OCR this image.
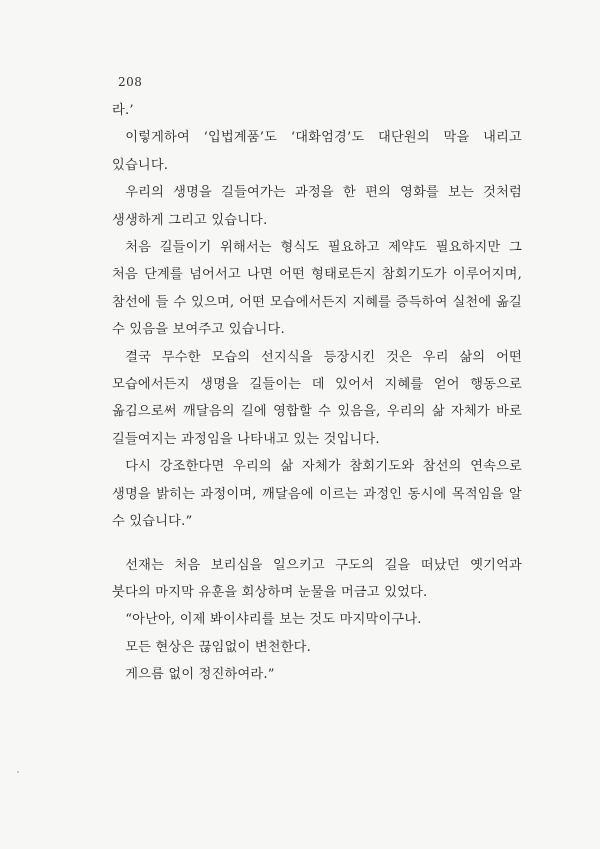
208

라.’

이렇게하여 ‘입법계품’도 ‘대화엄경’도 대단원의 막을 내리고 있습니다.

우리의 생명을 길들여가는 과정을 한 편의 영화를 보는 것처럼 생생하게 그리고 있습니다.

처음 길들이기 위해서는 형식도 필요하고 제약도 필요하지만 그 처음 단계를 넘어서고 나면 어떤 형태로든지 참회기도가 이루어지며, 참선에 들 수 있으며, 어떤 모습에서든지 지혜를 증득하여 실천에 옮길 수 있음을 보여주고 있습니다.

결국 무수한 모습의 선지식을 등장시킨 것은 우리 삶의 어떤 모습에서든지 생명을 길들이는 데 있어서 지혜를 얻어 행동으로 옮김으로써 깨달음의 길에 영합할 수 있음을, 우리의 삶 자체가 바로 길들여지는 과정임을 나타내고 있는 것입니다.

다시 강조한다면 우리의 삶 자체가 참회기도와 참선의 연속으로 생명을 밝히는 과정이며, 깨달음에 이르는 과정인 동시에 목적임을 알 수 있습니다.”

선재는 처음 보리심을 일으키고 구도의 길을 떠났던 옛기억과 붓다의 마지막 유훈을 회상하며 눈물을 머금고 있었다.

“아난아, 이제 봐이샤리를 보는 것도 마지막이구나.

모든 현상은 끊임없이 변천한다.

게으름 없이 정진하여라.”
